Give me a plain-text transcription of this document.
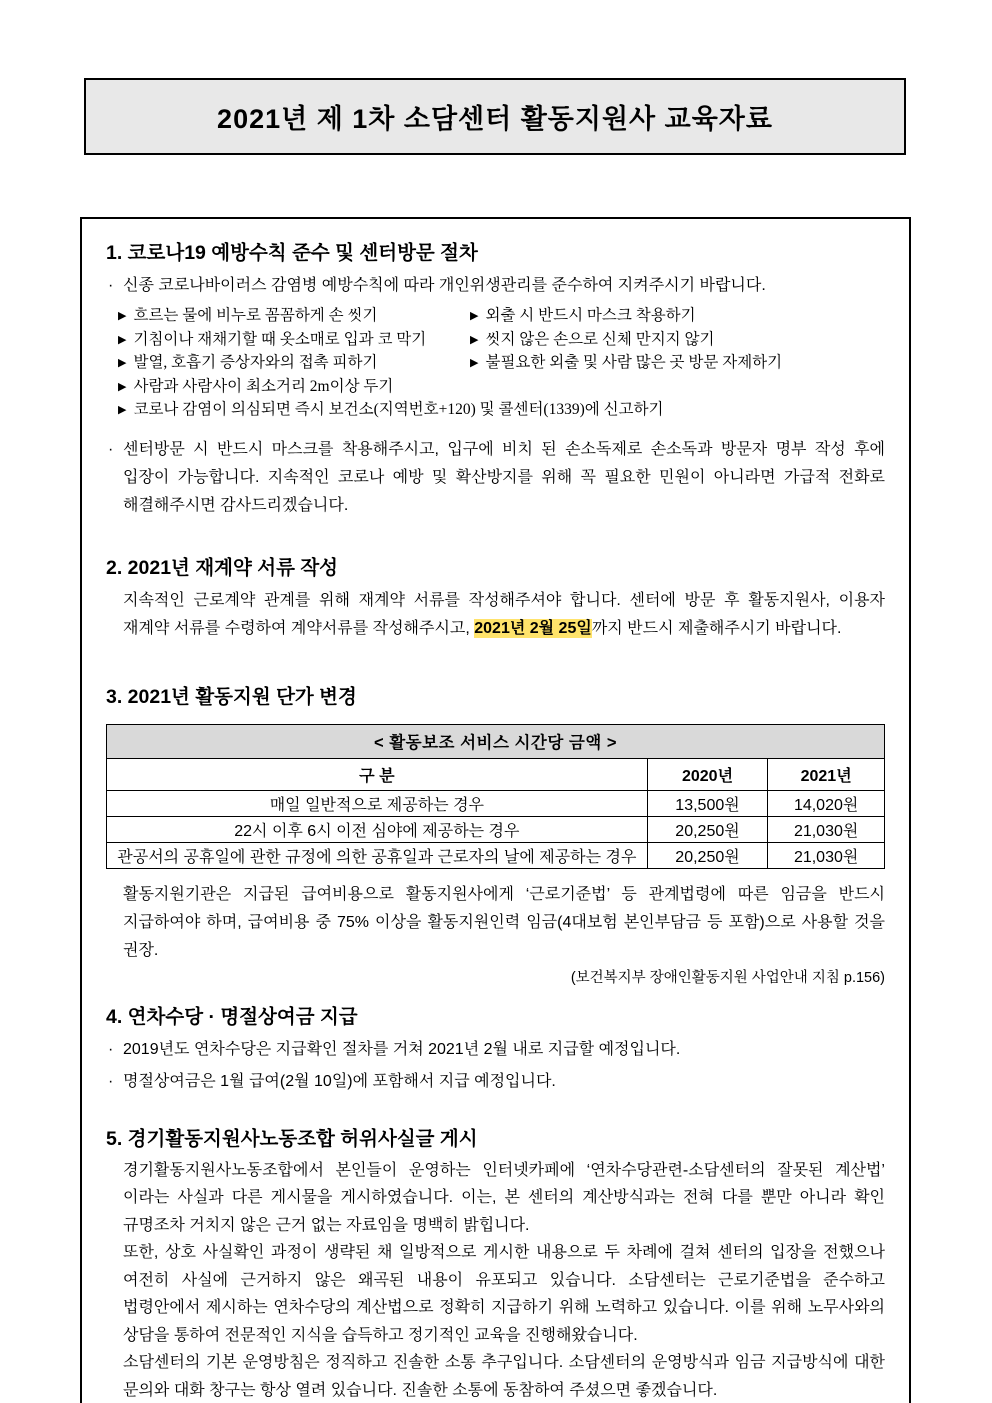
2021년 제 1차 소담센터 활동지원사 교육자료
1. 코로나19 예방수칙 준수 및 센터방문 절차

· 신종 코로나바이러스 감염병 예방수칙에 따라 개인위생관리를 준수하여 지켜주시기 바랍니다.

▶ 흐르는 물에 비누로 꼼꼼하게 손 씻기	▶ 외출 시 반드시 마스크 착용하기
▶ 기침이나 재채기할 때 옷소매로 입과 코 막기	▶ 씻지 않은 손으로 신체 만지지 않기
▶ 발열, 호흡기 증상자와의 접촉 피하기	▶ 불필요한 외출 및 사람 많은 곳 방문 자제하기
▶ 사람과 사람사이 최소거리 2m이상 두기
▶ 코로나 감염이 의심되면 즉시 보건소(지역번호+120) 및 콜센터(1339)에 신고하기

· 센터방문 시 반드시 마스크를 착용해주시고, 입구에 비치 된 손소독제로 손소독과 방문자 명부 작성 후에 입장이 가능합니다. 지속적인 코로나 예방 및 확산방지를 위해 꼭 필요한 민원이 아니라면 가급적 전화로 해결해주시면 감사드리겠습니다.

2. 2021년 재계약 서류 작성

지속적인 근로계약 관계를 위해 재계약 서류를 작성해주셔야 합니다. 센터에 방문 후 활동지원사, 이용자 재계약 서류를 수령하여 계약서류를 작성해주시고, 2021년 2월 25일까지 반드시 제출해주시기 바랍니다.

3. 2021년 활동지원 단가 변경
< 활동보조 서비스 시간당 금액 >		
구 분	2020년	2021년
매일 일반적으로 제공하는 경우	13,500원	14,020원
22시 이후 6시 이전 심야에 제공하는 경우	20,250원	21,030원
관공서의 공휴일에 관한 규정에 의한 공휴일과 근로자의 날에 제공하는 경우	20,250원	21,030원

활동지원기관은 지급된 급여비용으로 활동지원사에게 ‘근로기준법’ 등 관계법령에 따른 임금을 반드시 지급하여야 하며, 급여비용 중 75% 이상을 활동지원인력 임금(4대보험 본인부담금 등 포함)으로 사용할 것을 권장.

(보건복지부 장애인활동지원 사업안내 지침 p.156)

4. 연차수당 · 명절상여금 지급

· 2019년도 연차수당은 지급확인 절차를 거쳐 2021년 2월 내로 지급할 예정입니다.

· 명절상여금은 1월 급여(2월 10일)에 포함해서 지급 예정입니다.

5. 경기활동지원사노동조합 허위사실글 게시

경기활동지원사노동조합에서 본인들이 운영하는 인터넷카페에 ‘연차수당관련-소담센터의 잘못된 계산법’ 이라는 사실과 다른 게시물을 게시하였습니다. 이는, 본 센터의 계산방식과는 전혀 다를 뿐만 아니라 확인 규명조차 거치지 않은 근거 없는 자료임을 명백히 밝힙니다.

또한, 상호 사실확인 과정이 생략된 채 일방적으로 게시한 내용으로 두 차례에 걸쳐 센터의 입장을 전했으나 여전히 사실에 근거하지 않은 왜곡된 내용이 유포되고 있습니다. 소담센터는 근로기준법을 준수하고 법령안에서 제시하는 연차수당의 계산법으로 정확히 지급하기 위해 노력하고 있습니다. 이를 위해 노무사와의 상담을 통하여 전문적인 지식을 습득하고 정기적인 교육을 진행해왔습니다.

소담센터의 기본 운영방침은 정직하고 진솔한 소통 추구입니다. 소담센터의 운영방식과 임금 지급방식에 대한 문의와 대화 창구는 항상 열려 있습니다. 진솔한 소통에 동참하여 주셨으면 좋겠습니다.
